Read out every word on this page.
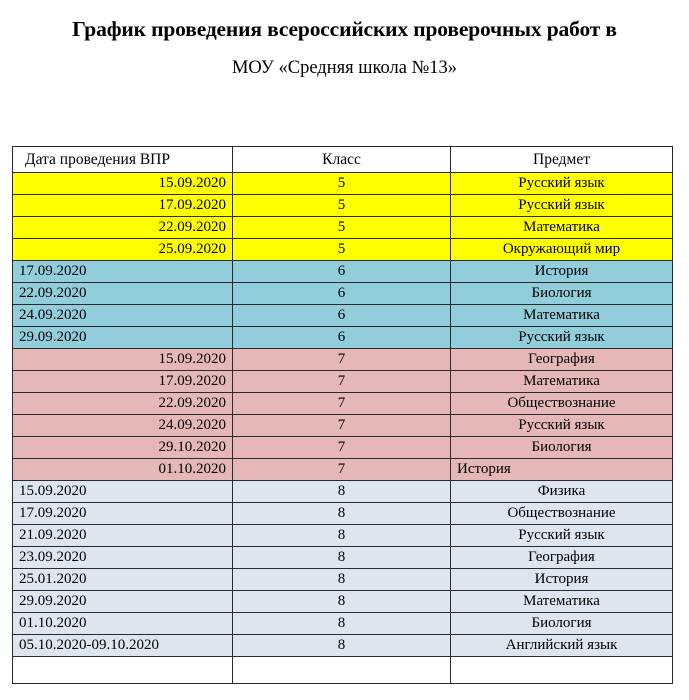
График проведения всероссийских проверочных работ в
МОУ «Средняя школа №13»
Дата проведения ВПР	Класс	Предмет
15.09.2020	5	Русский язык
17.09.2020	5	Русский язык
22.09.2020	5	Математика
25.09.2020	5	Окружающий мир
17.09.2020	6	История
22.09.2020	6	Биология
24.09.2020	6	Математика
29.09.2020	6	Русский язык
15.09.2020	7	География
17.09.2020	7	Математика
22.09.2020	7	Обществознание
24.09.2020	7	Русский язык
29.10.2020	7	Биология
01.10.2020	7	История
15.09.2020	8	Физика
17.09.2020	8	Обществознание
21.09.2020	8	Русский язык
23.09.2020	8	География
25.01.2020	8	История
29.09.2020	8	Математика
01.10.2020	8	Биология
05.10.2020-09.10.2020	8	Английский язык
